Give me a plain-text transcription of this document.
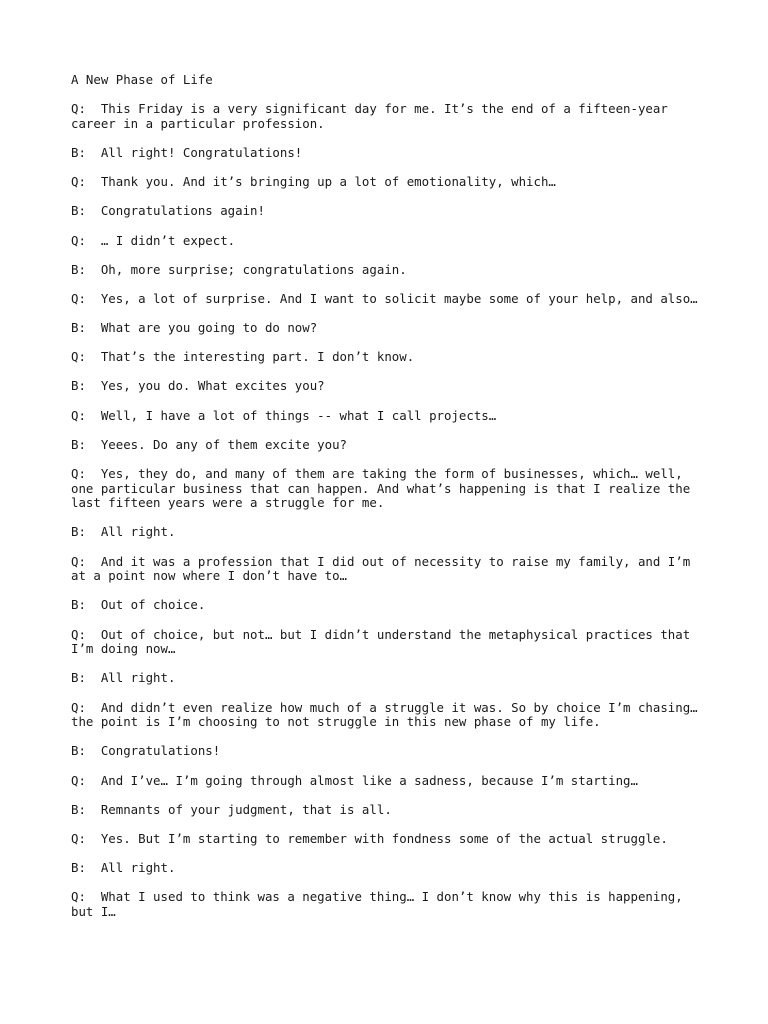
A New Phase of Life
Q: This Friday is a very significant day for me. It’s the end of a fifteen-year career in a particular profession.
B: All right! Congratulations!
Q: Thank you. And it’s bringing up a lot of emotionality, which…
B: Congratulations again!
Q: … I didn’t expect.
B: Oh, more surprise; congratulations again.
Q: Yes, a lot of surprise. And I want to solicit maybe some of your help, and also…
B: What are you going to do now?
Q: That’s the interesting part. I don’t know.
B: Yes, you do. What excites you?
Q: Well, I have a lot of things -- what I call projects…
B: Yeees. Do any of them excite you?
Q: Yes, they do, and many of them are taking the form of businesses, which… well, one particular business that can happen. And what’s happening is that I realize the last fifteen years were a struggle for me.
B: All right.
Q: And it was a profession that I did out of necessity to raise my family, and I’m at a point now where I don’t have to…
B: Out of choice.
Q: Out of choice, but not… but I didn’t understand the metaphysical practices that I’m doing now…
B: All right.
Q: And didn’t even realize how much of a struggle it was. So by choice I’m chasing… the point is I’m choosing to not struggle in this new phase of my life.
B: Congratulations!
Q: And I’ve… I’m going through almost like a sadness, because I’m starting…
B: Remnants of your judgment, that is all.
Q: Yes. But I’m starting to remember with fondness some of the actual struggle.
B: All right.
Q: What I used to think was a negative thing… I don’t know why this is happening, but I…
